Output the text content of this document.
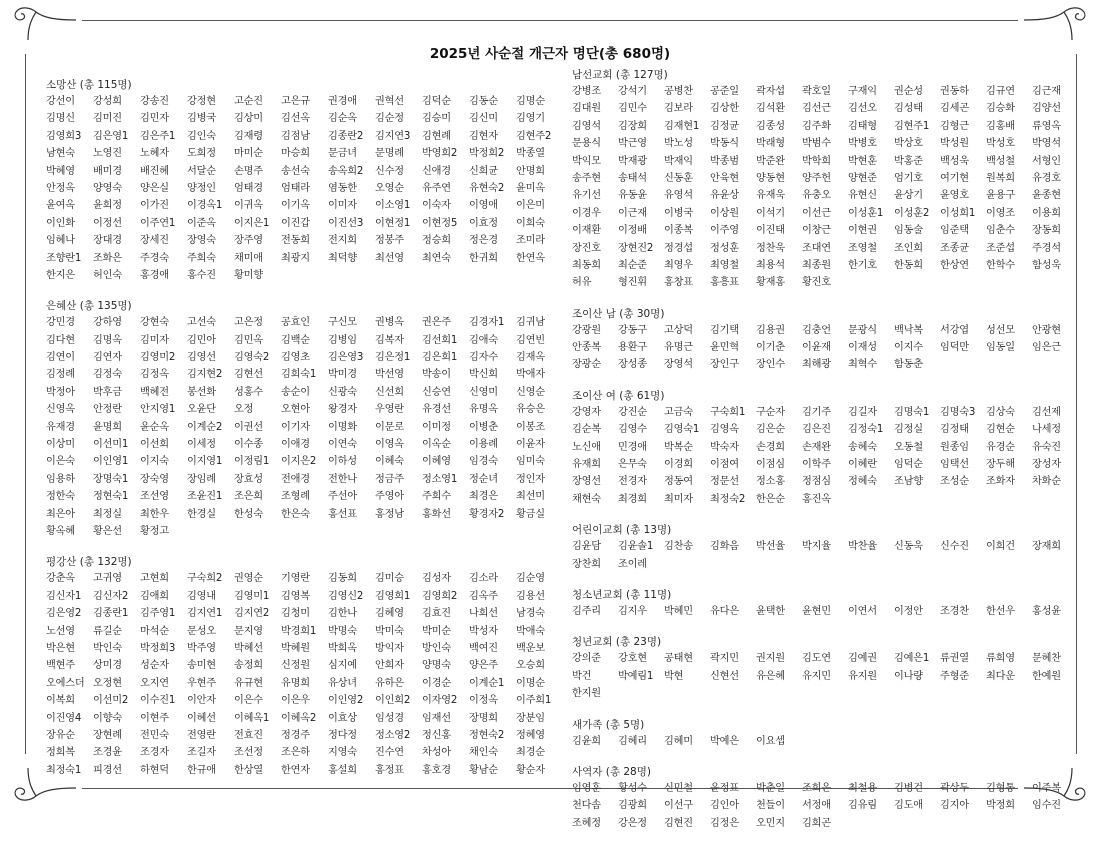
2025년 사순절 개근자 명단(총 680명)
소망산 (총 115명)
강선이	강성희	강송진	강정현	고순진	고은규	권경애	권혁선	김덕순	김동순	김명순
김명신	김미진	김민자	김병국	김상미	김선옥	김순옥	김순정	김승미	김신미	김영기
김영희3	김은영1	김은주1	김인숙	김재령	김점남	김종란2	김지연3	김현례	김현자	김현주2
남현숙	노영진	노혜자	도희정	마미순	마승희	문금녀	문명례	박영희2	박정희2	박종열
박혜영	배미경	배진혜	서달순	손명주	송선숙	송옥희2	신수정	신애경	신희균	안명희
안정옥	양영숙	양은실	양정인	엄태경	엄태라	염동한	오영순	유주연	유현숙2	윤미옥
윤여옥	윤희정	이가진	이경옥1	이귀옥	이기옥	이미자	이소영1	이숙자	이영애	이은미
이인화	이정선	이주연1	이준옥	이지은1	이진갑	이진선3	이현정1	이현정5	이효정	이희숙
임혜나	장대경	장세진	장영숙	장주영	전동희	전지희	정봉주	정승희	정은경	조미라
조향란1	조화은	주경숙	주희숙	채미애	최광지	최덕향	최선영	최연숙	한귀희	한연옥
한지은	허인숙	홍경애	홍수진	황미향
은혜산 (총 135명)
강민경	강하영	강현숙	고선숙	고은정	공효인	구신모	권병옥	권은주	김경자1	김귀남
김다현	김명옥	김미자	김민아	김민옥	김백순	김병임	김복자	김선희1	김애숙	김연빈
김연이	김연자	김영미2	김영선	김영숙2	김영초	김은영3	김은정1	김은희1	김자수	김재옥
김정례	김정숙	김정옥	김지현2	김현선	김희숙1	박미경	박선영	박송이	박신희	박애자
박정아	박후금	백혜전	봉선화	성홍수	송순이	신광숙	신선희	신승연	신영미	신영순
신영옥	안정란	안지영1	오윤단	오정	오현아	왕경자	우영란	유경선	유명옥	유승은
유재경	윤명희	윤순옥	이계순2	이권선	이기자	이명화	이문로	이미정	이병춘	이봉조
이상미	이선미1	이선희	이세정	이수종	이애경	이연숙	이영옥	이옥순	이용례	이윤자
이은숙	이인영1	이지숙	이지영1	이정림1	이지은2	이하성	이혜숙	이혜영	임경숙	임미숙
임용하	장명숙1	장숙영	장임례	장효성	전애경	전한나	정금주	정소영1	정순녀	정인자
정한숙	정현숙1	조선영	조윤진1	조은희	조형례	주선아	주영아	주희수	최경은	최선미
최은아	최정실	최한우	한경실	한성숙	한은숙	홍선표	홍정남	홍화선	황경자2	황금실
황옥혜	황은선	황정고
평강산 (총 132명)
강춘옥	고귀영	고현희	구숙희2	권영순	기영란	김동희	김미승	김성자	김소라	김순영
김신자1	김신자2	김애희	김영내	김영미1	김영복	김영신2	김영희1	김영희2	김옥주	김용선
김은영2	김종란1	김주영1	김지연1	김지연2	김청미	김한나	김혜영	김효진	나희선	남경숙
노선영	류길순	마석순	문성오	문지영	박경희1	박명숙	박미숙	박미순	박성자	박애숙
박은현	박인숙	박정희3	박주영	박혜선	박혜원	박희옥	방익자	방인숙	백여진	백운보
백현주	상미경	성순자	송미현	송정희	신정원	심지예	안희자	양명숙	양은주	오승희
오에스더 오정현	오지연	우현주	유규현	유명희	유상녀	유하은	이경순	이계순1	이명순
이복희	이선미2	이수진1	이안자	이은수	이은우	이인영2	이인희2	이자영2	이정옥	이주희1
이진영4	이향숙	이현주	이혜선	이혜옥1	이혜옥2	이효상	임성경	임재선	장명희	장분임
장유순	장현례	전민숙	전영란	전효진	정경주	정다정	정소영2	정신홍	정현숙2	정혜영
정희복	조경윤	조경자	조길자	조선정	조은하	지영숙	진수연	차성아	채인숙	최경순
최정숙1	피경선	하현덕	한규애	한상열	한연자	홍설희	홍정표	홍호경	황남순	황순자
남선교회 (총 127명)
강병조	강석기	공병찬	공준일	곽자섭	곽호일	구재익	권순성	권동하	김규연	김근재
김대원	김민수	김보라	김상한	김석환	김선근	김선오	김성태	김세곤	김승화	김양선
김영석	김장희	김재현1	김정균	김종성	김주화	김태형	김현주1	김형근	김홍배	류영옥
문용식	박근영	박노성	박동식	박래형	박범수	박병호	박상호	박성원	박성호	박영석
박익모	박재광	박재익	박종범	박준완	박학희	박현훈	박홍준	백성욱	백성철	서형인
송주현	송태석	신동훈	안육현	양동현	양주헌	양현준	엄기호	여기현	원복희	유경호
유기선	유동윤	유영석	유윤상	유재욱	유충오	유현신	윤상기	윤영호	윤용구	윤종현
이경우	이근재	이병국	이상원	이석기	이선근	이성훈1	이성훈2	이성희1	이영조	이용희
이재환	이정배	이종복	이주영	이진태	이창근	이현권	임동술	임준택	임춘수	장동희
장진호	장현진2	정경섭	정성훈	정찬욱	조대연	조영철	조인희	조종균	조준섭	주경석
최동희	최순준	최영우	최영철	최용석	최종원	한기호	한동희	한상연	한학수	함성욱
허유	형진휘	홍창표	홍흥표	황재홍	황진호
조이산 남 (총 30명)
강광원	강동구	고상덕	김기택	김용권	김충언	문광식	백낙복	서강엽	성선모	안광현
안종복	용환구	유명근	윤민혁	이기춘	이윤재	이재성	이지수	임덕만	임동일	임은근
장광순	장성종	장영석	장인구	장인수	최해광	최혁수	함동춘
조이산 여 (총 61명)
강영자	강진순	고금숙	구숙희1	구순자	김기주	김길자	김명숙1	김명숙3	김상숙	김선제
김순복	김영수	김영숙1	김영옥	김은순	김은진	김정숙1	김정실	김정태	김현순	나세정
노신애	민경애	박복순	박숙자	손경희	손재완	송혜숙	오동철	원종임	유경순	유숙진
유재희	은무숙	이경희	이점여	이점심	이학주	이혜란	임덕순	임택선	장두해	장성자
장영선	전경자	정동여	정문선	정소홍	정점심	정혜숙	조남향	조성순	조화자	차화순
채현숙	최경희	최미자	최정숙2	한은순	홍진옥
어린이교회 (총 13명)
김윤담	김윤솔1	김찬송	김화음	박선율	박지율	박찬율	신동욱	신수진	이희건	장재희
장찬희	조이레
청소년교회 (총 11명)
김주리	김지우	박혜민	유다은	윤택한	윤현민	이연서	이정안	조경찬	한선우	홍성윤
청년교회 (총 23명)
강의준	강호현	공태현	곽지민	권지원	김도연	김예권	김예은1	류권열	류희영	문혜찬
박건	박예림1	박현	신현선	유은혜	유지민	유지원	이나량	주형준	최다운	한예원
한지원
새가족 (총 5명)
김윤희	김혜리	김혜미	박예은	이요셉
사역자 (총 28명)
임영훈	황성수	신민철	윤정표	박춘일	조희은	최철용	김병건	곽상두	김형통	이주복
천다솜	김광희	이선구	김인아	천들이	서정애	김유림	김도애	김지아	박정희	임수진
조혜정	강은정	김현진	김정은	오민지	김희곤
